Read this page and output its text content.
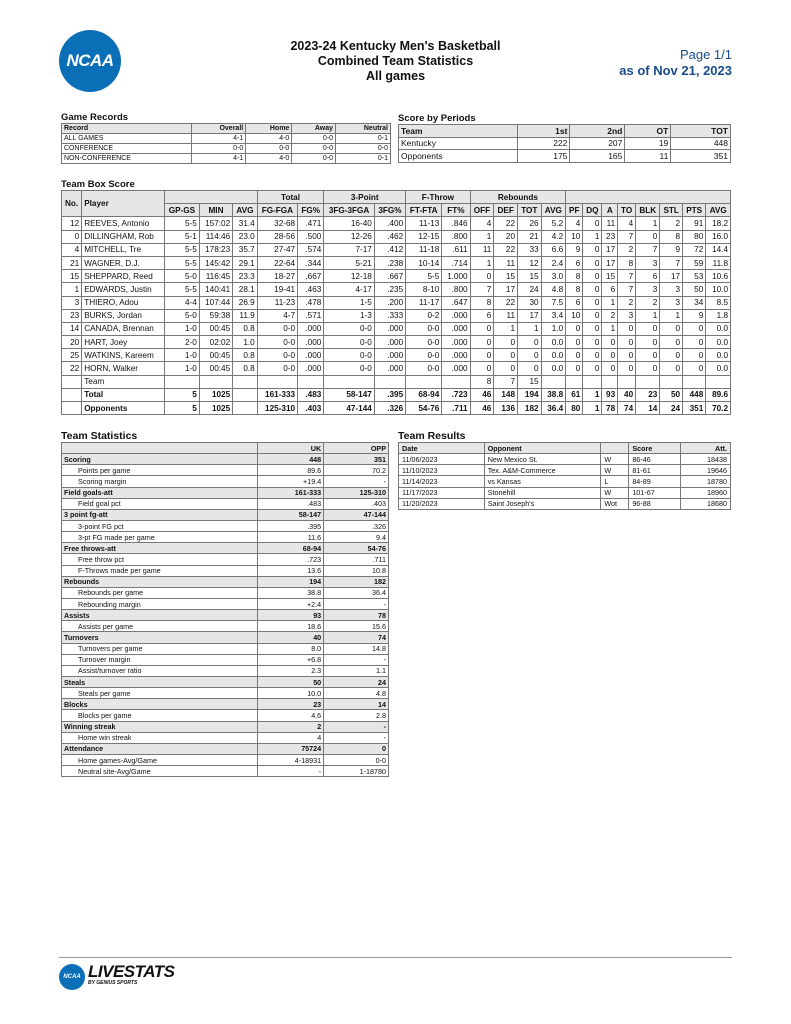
NCAA
2023-24 Kentucky Men's Basketball
Combined Team Statistics
All games
Page 1/1
as of Nov 21, 2023
Game Records
Record	Overall	Home	Away	Neutral
ALL GAMES	4-1	4-0	0-0	0-1
CONFERENCE	0-0	0-0	0-0	0-0
NON-CONFERENCE	4-1	4-0	0-0	0-1
Score by Periods
Team	1st	2nd	OT	TOT
Kentucky	222	207	19	448
Opponents	175	165	11	351
Team Box Score
No.	Player				Total		3-Point		F-Throw		Rebounds											
		GP-GS	MIN	AVG	FG-FGA	FG%	3FG-3FGA	3FG%	FT-FTA	FT%	OFF	DEF	TOT	AVG	PF	DQ	A	TO	BLK	STL	PTS	AVG
12	REEVES, Antonio	5-5	157:02	31.4	32-68	.471	16-40	.400	11-13	.846	4	22	26	5.2	4	0	11	4	1	2	91	18.2
0	DILLINGHAM, Rob	5-1	114:46	23.0	28-56	.500	12-26	.462	12-15	.800	1	20	21	4.2	10	1	23	7	0	8	80	16.0
4	MITCHELL, Tre	5-5	178:23	35.7	27-47	.574	7-17	.412	11-18	.611	11	22	33	6.6	9	0	17	2	7	9	72	14.4
21	WAGNER, D.J.	5-5	145:42	29.1	22-64	.344	5-21	.238	10-14	.714	1	11	12	2.4	6	0	17	8	3	7	59	11.8
15	SHEPPARD, Reed	5-0	116:45	23.3	18-27	.667	12-18	.667	5-5	1.000	0	15	15	3.0	8	0	15	7	6	17	53	10.6
1	EDWARDS, Justin	5-5	140:41	28.1	19-41	.463	4-17	.235	8-10	.800	7	17	24	4.8	8	0	6	7	3	3	50	10.0
3	THIERO, Adou	4-4	107:44	26.9	11-23	.478	1-5	.200	11-17	.647	8	22	30	7.5	6	0	1	2	2	3	34	8.5
23	BURKS, Jordan	5-0	59:38	11.9	4-7	.571	1-3	.333	0-2	.000	6	11	17	3.4	10	0	2	3	1	1	9	1.8
14	CANADA, Brennan	1-0	00:45	0.8	0-0	.000	0-0	.000	0-0	.000	0	1	1	1.0	0	0	1	0	0	0	0	0.0
20	HART, Joey	2-0	02:02	1.0	0-0	.000	0-0	.000	0-0	.000	0	0	0	0.0	0	0	0	0	0	0	0	0.0
25	WATKINS, Kareem	1-0	00:45	0.8	0-0	.000	0-0	.000	0-0	.000	0	0	0	0.0	0	0	0	0	0	0	0	0.0
22	HORN, Walker	1-0	00:45	0.8	0-0	.000	0-0	.000	0-0	.000	0	0	0	0.0	0	0	0	0	0	0	0	0.0
	Team										8	7	15									
	Total	5	1025		161-333	.483	58-147	.395	68-94	.723	46	148	194	38.8	61	1	93	40	23	50	448	89.6
	Opponents	5	1025		125-310	.403	47-144	.326	54-76	.711	46	136	182	36.4	80	1	78	74	14	24	351	70.2
Team Statistics
	UK	OPP
Scoring	448	351
Points per game	89.6	70.2
Scoring margin	+19.4	-
Field goals-att	161-333	125-310
Field goal pct	.483	.403
3 point fg-att	58-147	47-144
3-point FG pct	.395	.326
3-pt FG made per game	11.6	9.4
Free throws-att	68-94	54-76
Free throw pct	.723	.711
F-Throws made per game	13.6	10.8
Rebounds	194	182
Rebounds per game	38.8	36.4
Rebounding margin	+2.4	-
Assists	93	78
Assists per game	18.6	15.6
Turnovers	40	74
Turnovers per game	8.0	14.8
Turnover margin	+6.8	-
Assist/turnover ratio	2.3	1.1
Steals	50	24
Steals per game	10.0	4.8
Blocks	23	14
Blocks per game	4.6	2.8
Winning streak	2	-
Home win streak	4	-
Attendance	75724	0
Home games-Avg/Game	4-18931	0-0
Neutral site-Avg/Game	-	1-18780
Team Results
Date	Opponent		Score	Att.
11/06/2023	New Mexico St.	W	86-46	18438
11/10/2023	Tex. A&M-Commerce	W	81-61	19646
11/14/2023	vs Kansas	L	84-89	18780
11/17/2023	Stonehill	W	101-67	18960
11/20/2023	Saint Joseph's	Wot	96-88	18680
NCAA LIVESTATS
BY GENIUS SPORTS
